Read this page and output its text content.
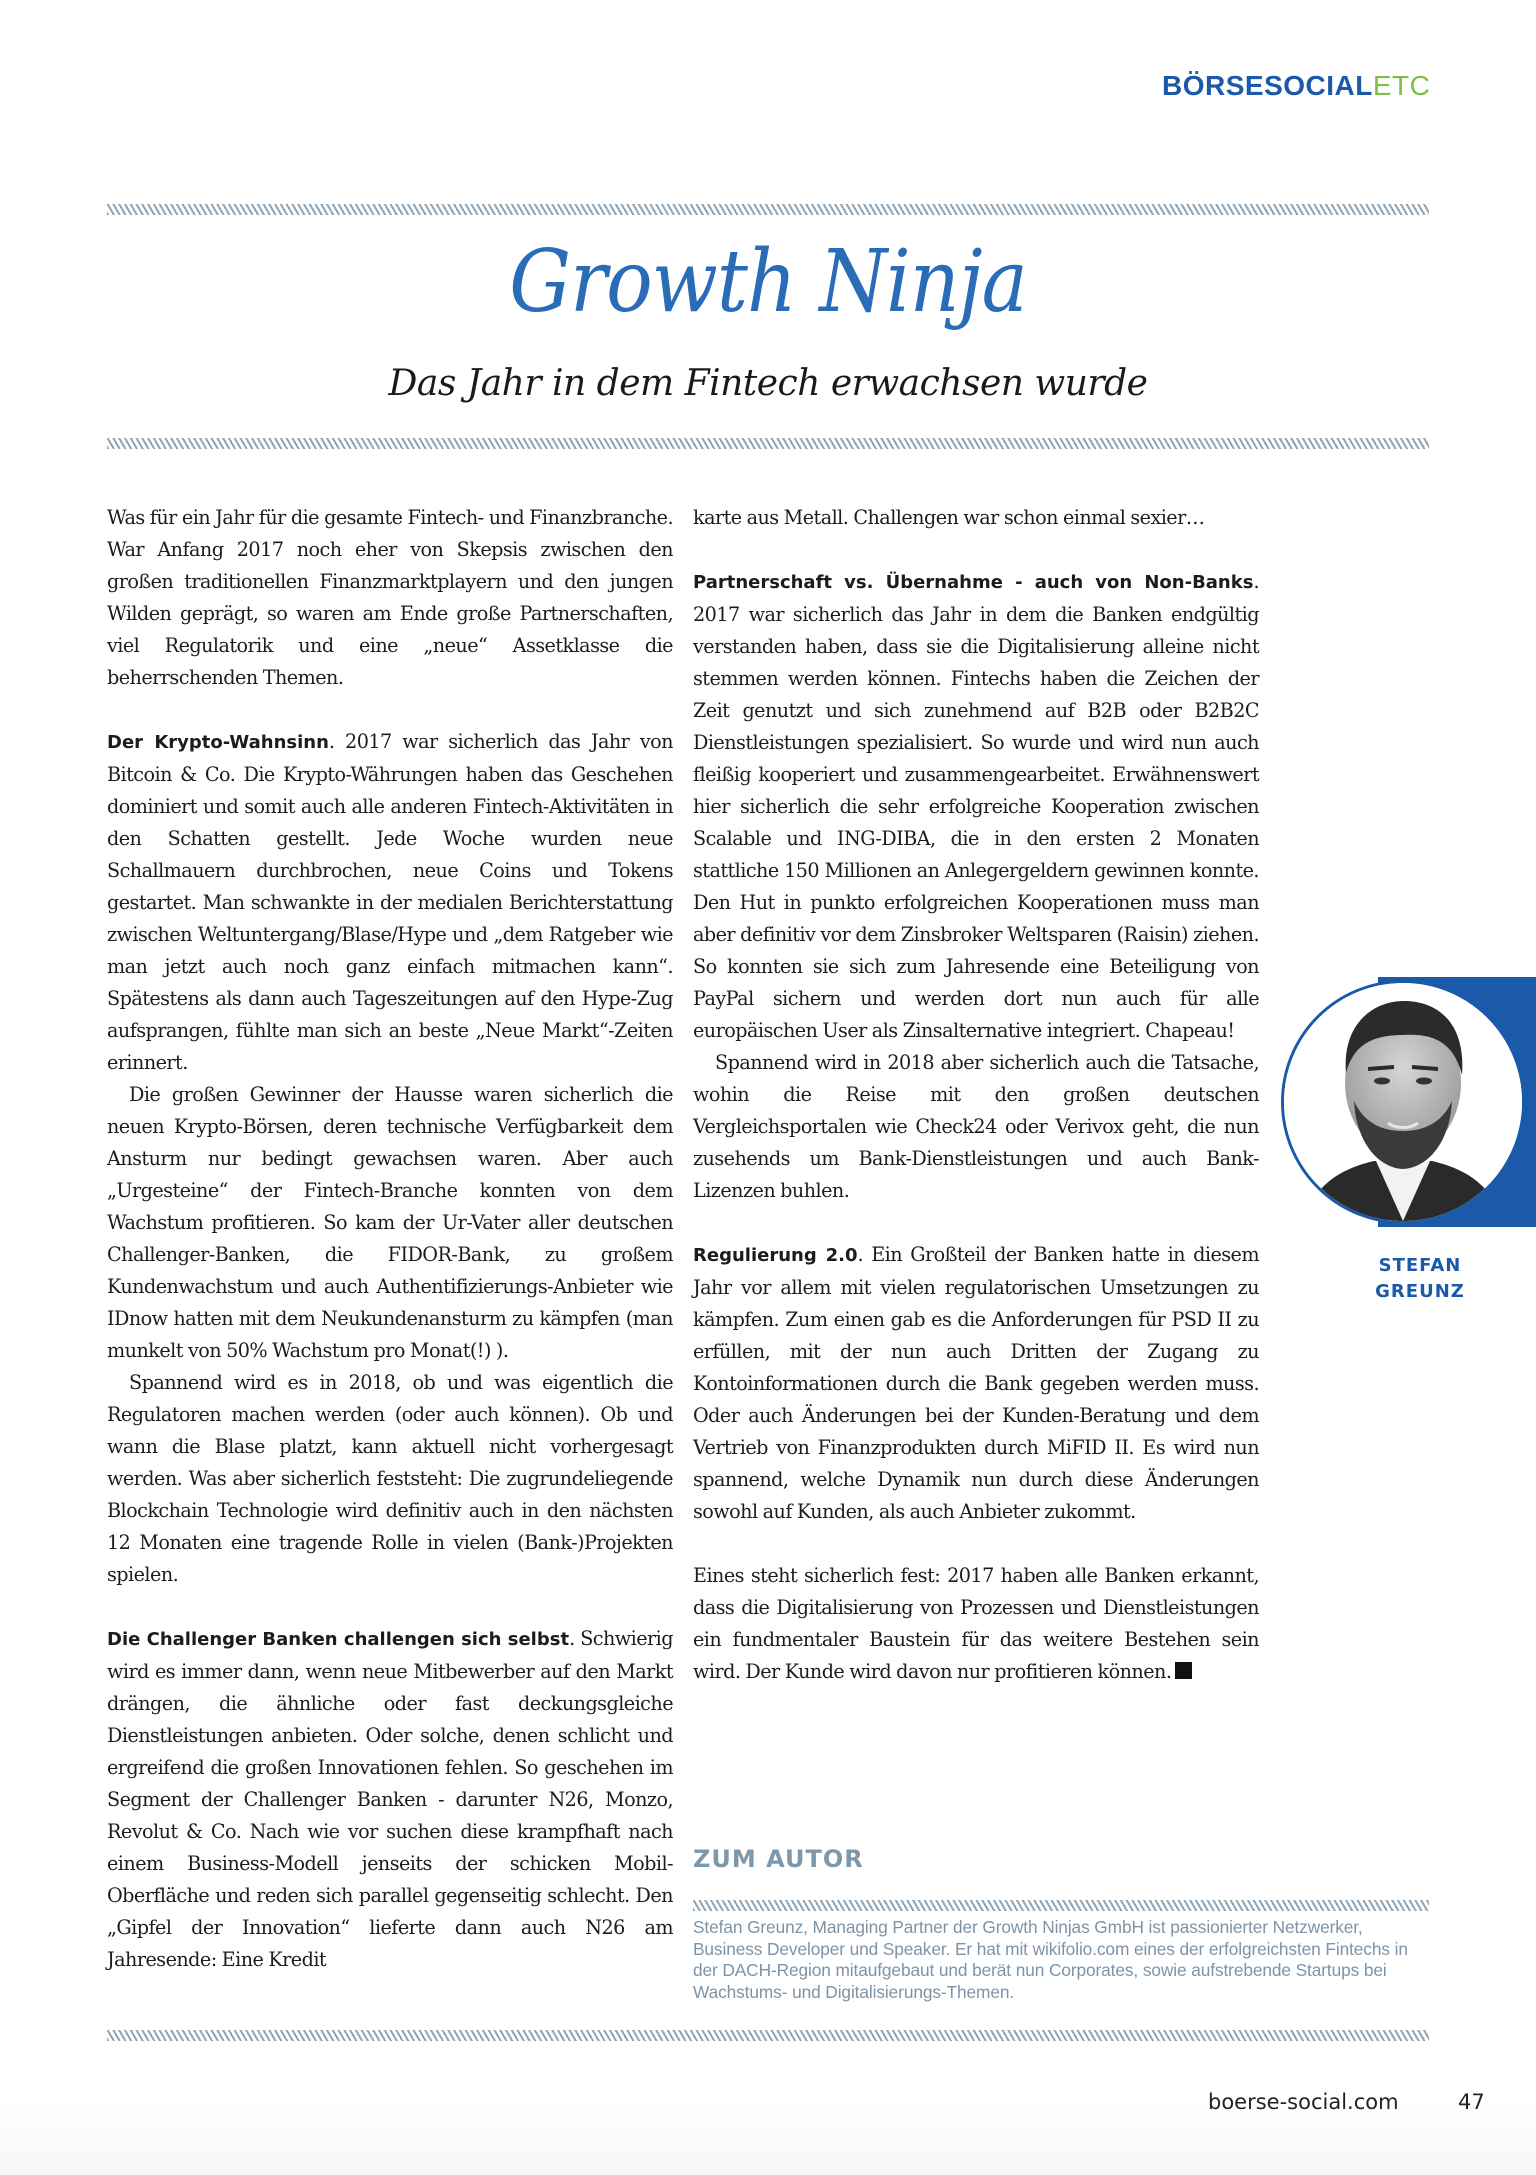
BÖRSESOCIALETC
Growth Ninja
Das Jahr in dem Fintech erwachsen wurde

Was für ein Jahr für die gesamte Fintech- und Finanzbranche. War Anfang 2017 noch eher von Skepsis zwischen den großen traditionellen Finanzmarktplayern und den jungen Wilden geprägt, so waren am Ende große Partnerschaften, viel Regulatorik und eine „neue“ Assetklasse die beherrschenden Themen.

Der Krypto-Wahnsinn. 2017 war sicherlich das Jahr von Bitcoin & Co. Die Krypto-Währungen haben das Geschehen dominiert und somit auch alle anderen Fintech-Aktivitäten in den Schatten gestellt. Jede Woche wurden neue Schallmauern durchbrochen, neue Coins und Tokens gestartet. Man schwankte in der medialen Berichterstattung zwischen Weltuntergang/Blase/Hype und „dem Ratgeber wie man jetzt auch noch ganz einfach mitmachen kann“. Spätestens als dann auch Tageszeitungen auf den Hype-Zug aufsprangen, fühlte man sich an beste „Neue Markt“-Zeiten erinnert.

Die großen Gewinner der Hausse waren sicherlich die neuen Krypto-Börsen, deren technische Verfügbarkeit dem Ansturm nur bedingt gewachsen waren. Aber auch „Urgesteine“ der Fintech-Branche konnten von dem Wachstum profitieren. So kam der Ur-Vater aller deutschen Challenger-Banken, die FIDOR-Bank, zu großem Kundenwachstum und auch Authentifizierungs-Anbieter wie IDnow hatten mit dem Neukundenansturm zu kämpfen (man munkelt von 50% Wachstum pro Monat(!) ).

Spannend wird es in 2018, ob und was eigentlich die Regulatoren machen werden (oder auch können). Ob und wann die Blase platzt, kann aktuell nicht vorhergesagt werden. Was aber sicherlich feststeht: Die zugrundeliegende Blockchain Technologie wird definitiv auch in den nächsten 12 Monaten eine tragende Rolle in vielen (Bank-)Projekten spielen.

Die Challenger Banken challengen sich selbst. Schwierig wird es immer dann, wenn neue Mitbewerber auf den Markt drängen, die ähnliche oder fast deckungsgleiche Dienstleistungen anbieten. Oder solche, denen schlicht und ergreifend die großen Innovationen fehlen. So geschehen im Segment der Challenger Banken - darunter N26, Monzo, Revolut & Co. Nach wie vor suchen diese krampfhaft nach einem Business-Modell jenseits der schicken Mobil-Oberfläche und reden sich parallel gegenseitig schlecht. Den „Gipfel der Innovation“ lieferte dann auch N26 am Jahresende: Eine Kredit

karte aus Metall. Challengen war schon einmal sexier…

Partnerschaft vs. Übernahme - auch von Non-Banks. 2017 war sicherlich das Jahr in dem die Banken endgültig verstanden haben, dass sie die Digitalisierung alleine nicht stemmen werden können. Fintechs haben die Zeichen der Zeit genutzt und sich zunehmend auf B2B oder B2B2C Dienstleistungen spezialisiert. So wurde und wird nun auch fleißig kooperiert und zusammengearbeitet. Erwähnenswert hier sicherlich die sehr erfolgreiche Kooperation zwischen Scalable und ING-DIBA, die in den ersten 2 Monaten stattliche 150 Millionen an Anlegergeldern gewinnen konnte. Den Hut in punkto erfolgreichen Kooperationen muss man aber definitiv vor dem Zinsbroker Weltsparen (Raisin) ziehen. So konnten sie sich zum Jahresende eine Beteiligung von PayPal sichern und werden dort nun auch für alle europäischen User als Zinsalternative integriert. Chapeau!

Spannend wird in 2018 aber sicherlich auch die Tatsache, wohin die Reise mit den großen deutschen Vergleichsportalen wie Check24 oder Verivox geht, die nun zusehends um Bank-Dienstleistungen und auch Bank-Lizenzen buhlen.

Regulierung 2.0. Ein Großteil der Banken hatte in diesem Jahr vor allem mit vielen regulatorischen Umsetzungen zu kämpfen. Zum einen gab es die Anforderungen für PSD II zu erfüllen, mit der nun auch Dritten der Zugang zu Kontoinformationen durch die Bank gegeben werden muss. Oder auch Änderungen bei der Kunden-Beratung und dem Vertrieb von Finanzprodukten durch MiFID II. Es wird nun spannend, welche Dynamik nun durch diese Änderungen sowohl auf Kunden, als auch Anbieter zukommt.

Eines steht sicherlich fest: 2017 haben alle Banken erkannt, dass die Digitalisierung von Prozessen und Dienstleistungen ein fundmentaler Baustein für das weitere Bestehen sein wird. Der Kunde wird davon nur profitieren können.

STEFAN
GREUNZ
ZUM AUTOR
Stefan Greunz, Managing Partner der Growth Ninjas GmbH ist passionierter Netzwerker, Business Developer und Speaker. Er hat mit wikifolio.com eines der erfolgreichsten Fintechs in der DACH-Region mitaufgebaut und berät nun Corporates, sowie aufstrebende Startups bei Wachstums- und Digitalisierungs-Themen.
boerse-social.com	47
